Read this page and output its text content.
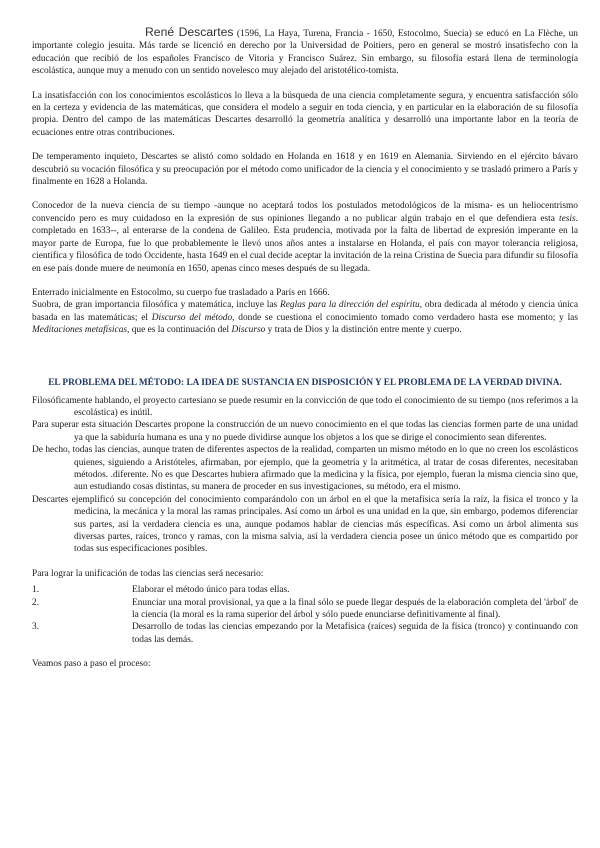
René Descartes (1596, La Haya, Turena, Francia - 1650, Estocolmo, Suecia) se educó en La Flèche, un importante colegio jesuita. Más tarde se licenció en derecho por la Universidad de Poitiers, pero en general se mostró insatisfecho con la educación que recibió de los españoles Francisco de Vitoria y Francisco Suárez. Sin embargo, su filosofía estará llena de terminología escolástica, aunque muy a menudo con un sentido novelesco muy alejado del aristotélico-tomista.

La insatisfacción con los conocimientos escolásticos lo lleva a la búsqueda de una ciencia completamente segura, y encuentra satisfacción sólo en la certeza y evidencia de las matemáticas, que considera el modelo a seguir en toda ciencia, y en particular en la elaboración de su filosofía propia. Dentro del campo de las matemáticas Descartes desarrolló la geometría analítica y desarrolló una importante labor en la teoría de ecuaciones entre otras contribuciones.

De temperamento inquieto, Descartes se alistó como soldado en Holanda en 1618 y en 1619 en Alemania. Sirviendo en el ejército bávaro descubrió su vocación filosófica y su preocupación por el método como unificador de la ciencia y el conocimiento y se trasladó primero a París y finalmente en 1628 a Holanda.

Conocedor de la nueva ciencia de su tiempo -aunque no aceptará todos los postulados metodológicos de la misma- es un heliocentrismo convencido pero es muy cuidadoso en la expresión de sus opiniones llegando a no publicar algún trabajo en el que defendiera esta tesis. completado en 1633--, al enterarse de la condena de Galileo. Esta prudencia, motivada por la falta de libertad de expresión imperante en la mayor parte de Europa, fue lo que probablemente le llevó unos años antes a instalarse en Holanda, el país con mayor tolerancia religiosa, científica y filosófica de todo Occidente, hasta 1649 en el cual decide aceptar la invitación de la reina Cristina de Suecia para difundir su filosofía en ese país donde muere de neumonía en 1650, apenas cinco meses después de su llegada.

Enterrado inicialmente en Estocolmo, su cuerpo fue trasladado a París en 1666.

Suobra, de gran importancia filosófica y matemática, incluye las Reglas para la dirección del espíritu, obra dedicada al método y ciencia única basada en las matemáticas; el Discurso del método, donde se cuestiona el conocimiento tomado como verdadero hasta ese momento; y las Meditaciones metafísicas, que es la continuación del Discurso y trata de Dios y la distinción entre mente y cuerpo.

EL PROBLEMA DEL MÉTODO: LA IDEA DE SUSTANCIA EN DISPOSICIÓN Y EL PROBLEMA DE LA VERDAD DIVINA.

Filosóficamente hablando, el proyecto cartesiano se puede resumir en la convicción de que todo el conocimiento de su tiempo (nos referimos a la escolástica) es inútil.

Para superar esta situación Descartes propone la construcción de un nuevo conocimiento en el que todas las ciencias formen parte de una unidad ya que la sabiduría humana es una y no puede dividirse aunque los objetos a los que se dirige el conocimiento sean diferentes.

De hecho, todas las ciencias, aunque traten de diferentes aspectos de la realidad, comparten un mismo método en lo que no creen los escolásticos quienes, siguiendo a Aristóteles, afirmaban, por ejemplo, que la geometría y la aritmética, al tratar de cosas diferentes, necesitaban métodos. .diferente. No es que Descartes hubiera afirmado que la medicina y la física, por ejemplo, fueran la misma ciencia sino que, aun estudiando cosas distintas, su manera de proceder en sus investigaciones, su método, era el mismo.

Descartes ejemplificó su concepción del conocimiento comparándolo con un árbol en el que la metafísica sería la raíz, la física el tronco y la medicina, la mecánica y la moral las ramas principales. Así como un árbol es una unidad en la que, sin embargo, podemos diferenciar sus partes, así la verdadera ciencia es una, aunque podamos hablar de ciencias más específicas. Así como un árbol alimenta sus diversas partes, raíces, tronco y ramas, con la misma salvia, así la verdadera ciencia posee un único método que es compartido por todas sus especificaciones posibles.

Para lograr la unificación de todas las ciencias será necesario:

1.	Elaborar el método único para todas ellas.
2.	Enunciar una moral provisional, ya que a la final sólo se puede llegar después de la elaboración completa del 'árbol' de la ciencia (la moral es la rama superior del árbol y sólo puede enunciarse definitivamente al final).
3.	Desarrollo de todas las ciencias empezando por la Metafísica (raíces) seguida de la física (tronco) y continuando con todas las demás.

Veamos paso a paso el proceso:
